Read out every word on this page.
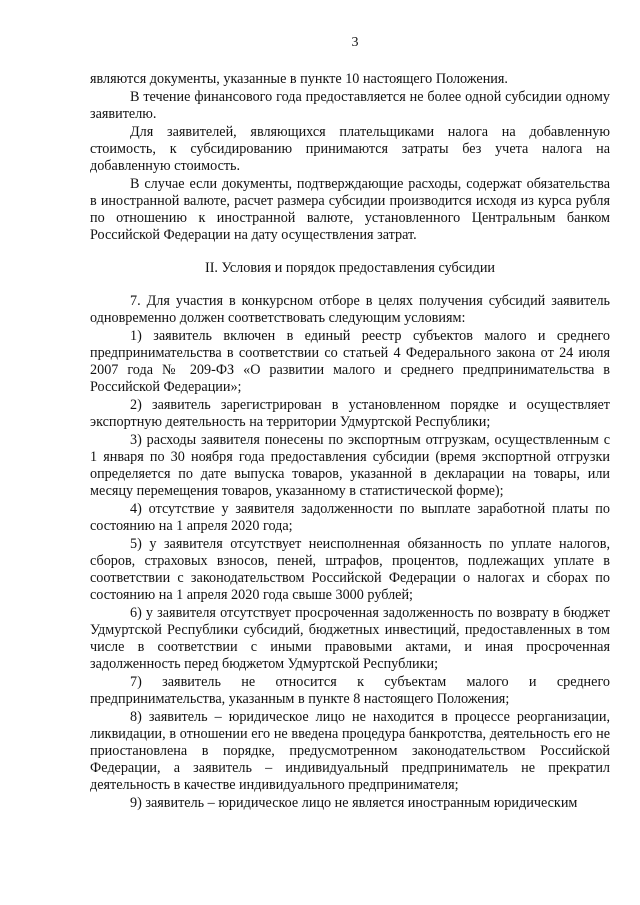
3

являются документы, указанные в пункте 10 настоящего Положения.

В течение финансового года предоставляется не более одной субсидии одному заявителю.

Для заявителей, являющихся плательщиками налога на добавленную стоимость, к субсидированию принимаются затраты без учета налога на добавленную стоимость.

В случае если документы, подтверждающие расходы, содержат обязательства в иностранной валюте, расчет размера субсидии производится исходя из курса рубля по отношению к иностранной валюте, установленного Центральным банком Российской Федерации на дату осуществления затрат.

II. Условия и порядок предоставления субсидии

7. Для участия в конкурсном отборе в целях получения субсидий заявитель одновременно должен соответствовать следующим условиям:

1) заявитель включен в единый реестр субъектов малого и среднего предпринимательства в соответствии со статьей 4 Федерального закона от 24 июля 2007 года № 209-ФЗ «О развитии малого и среднего предпринимательства в Российской Федерации»;

2) заявитель зарегистрирован в установленном порядке и осуществляет экспортную деятельность на территории Удмуртской Республики;

3) расходы заявителя понесены по экспортным отгрузкам, осуществленным с 1 января по 30 ноября года предоставления субсидии (время экспортной отгрузки определяется по дате выпуска товаров, указанной в декларации на товары, или месяцу перемещения товаров, указанному в статистической форме);

4) отсутствие у заявителя задолженности по выплате заработной платы по состоянию на 1 апреля 2020 года;

5) у заявителя отсутствует неисполненная обязанность по уплате налогов, сборов, страховых взносов, пеней, штрафов, процентов, подлежащих уплате в соответствии с законодательством Российской Федерации о налогах и сборах по состоянию на 1 апреля 2020 года свыше 3000 рублей;

6) у заявителя отсутствует просроченная задолженность по возврату в бюджет Удмуртской Республики субсидий, бюджетных инвестиций, предоставленных в том числе в соответствии с иными правовыми актами, и иная просроченная задолженность перед бюджетом Удмуртской Республики;

7) заявитель не относится к субъектам малого и среднего предпринимательства, указанным в пункте 8 настоящего Положения;

8) заявитель – юридическое лицо не находится в процессе реорганизации, ликвидации, в отношении его не введена процедура банкротства, деятельность его не приостановлена в порядке, предусмотренном законодательством Российской Федерации, а заявитель – индивидуальный предприниматель не прекратил деятельность в качестве индивидуального предпринимателя;

9) заявитель – юридическое лицо не является иностранным юридическим
